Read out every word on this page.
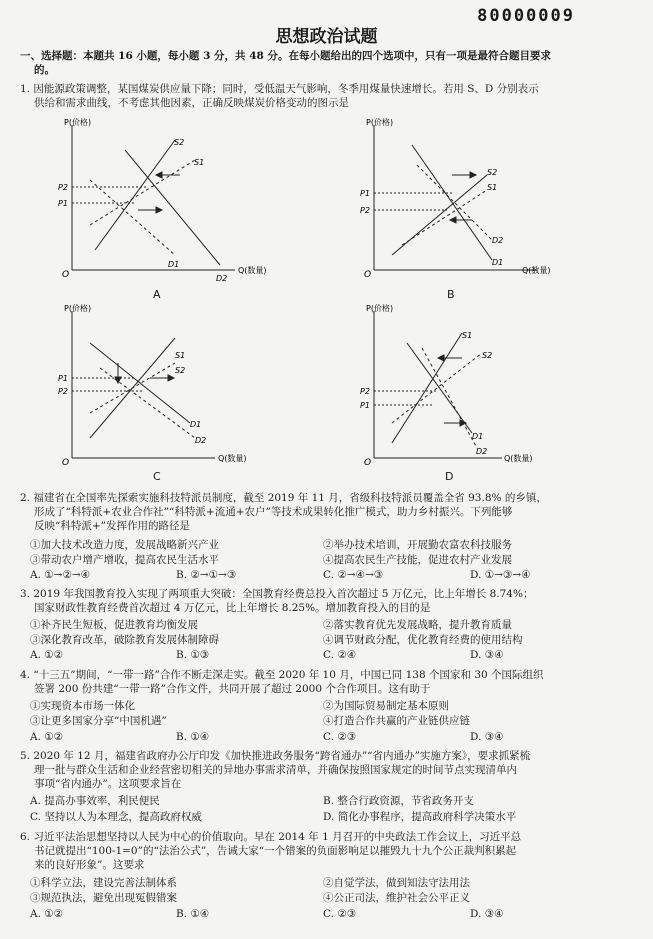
80000009
思想政治试题
一、选择题：本题共 16 小题，每小题 3 分，共 48 分。在每小题给出的四个选项中，只有一项是最符合题目要求
的。
1. 因能源政策调整，某国煤炭供应量下降；同时，受低温天气影响，冬季用煤量快速增长。若用 S、D 分别表示
供给和需求曲线，不考虑其他因素，正确反映煤炭价格变动的图示是
P(价格)
Q(数量)
O
P2
P1
S2
S1
D2
D1
A
P(价格)
Q(数量)
O
P1
P2
S2
S1
D2
D1
B
P(价格)
Q(数量)
O
P1
P2
S1
S2
D1
D2
C
P(价格)
Q(数量)
O
P2
P1
S1
S2
D1
D2
D
2. 福建省在全国率先探索实施科技特派员制度，截至 2019 年 11 月，省级科技特派员覆盖全省 93.8% 的乡镇，
形成了“科特派+农业合作社”“科特派+流通+农户”等技术成果转化推广模式，助力乡村振兴。下列能够
反映“科特派+”发挥作用的路径是
①加大技术改造力度，发展战略新兴产业	②举办技术培训，开展勤农富农科技服务
③带动农户增产增收，提高农民生活水平	④提高农民生产技能，促进农村产业发展
A. ①→②→④	B. ②→①→③	C. ②→④→③	D. ①→③→④
3. 2019 年我国教育投入实现了两项重大突破：全国教育经费总投入首次超过 5 万亿元，比上年增长 8.74%；
国家财政性教育经费首次超过 4 万亿元，比上年增长 8.25%。增加教育投入的目的是
①补齐民生短板，促进教育均衡发展	②落实教育优先发展战略，提升教育质量
③深化教育改革，破除教育发展体制障碍	④调节财政分配，优化教育经费的使用结构
A. ①②	B. ①③	C. ②④	D. ③④
4. “十三五”期间，“一带一路”合作不断走深走实。截至 2020 年 10 月，中国已同 138 个国家和 30 个国际组织
签署 200 份共建“一带一路”合作文件，共同开展了超过 2000 个合作项目。这有助于
①实现资本市场一体化	②为国际贸易制定基本原则
③让更多国家分享“中国机遇”	④打造合作共赢的产业链供应链
A. ①②	B. ①④	C. ②③	D. ③④
5. 2020 年 12 月，福建省政府办公厅印发《加快推进政务服务“跨省通办”“省内通办”实施方案》，要求抓紧梳
理一批与群众生活和企业经营密切相关的异地办事需求清单，并确保按照国家规定的时间节点实现清单内
事项“省内通办”。这项要求旨在
A. 提高办事效率，利民便民	B. 整合行政资源，节省政务开支
C. 坚持以人为本理念，提高政府权威	D. 简化办事程序，提高政府科学决策水平
6. 习近平法治思想坚持以人民为中心的价值取向。早在 2014 年 1 月召开的中央政法工作会议上，习近平总
书记就提出“100-1=0”的“法治公式”，告诫大家“一个错案的负面影响足以摧毁九十九个公正裁判积累起
来的良好形象”。这要求
①科学立法，建设完善法制体系	②自觉学法，做到知法守法用法
③规范执法，避免出现冤假错案	④公正司法，维护社会公平正义
A. ①②	B. ①④	C. ②③	D. ③④
